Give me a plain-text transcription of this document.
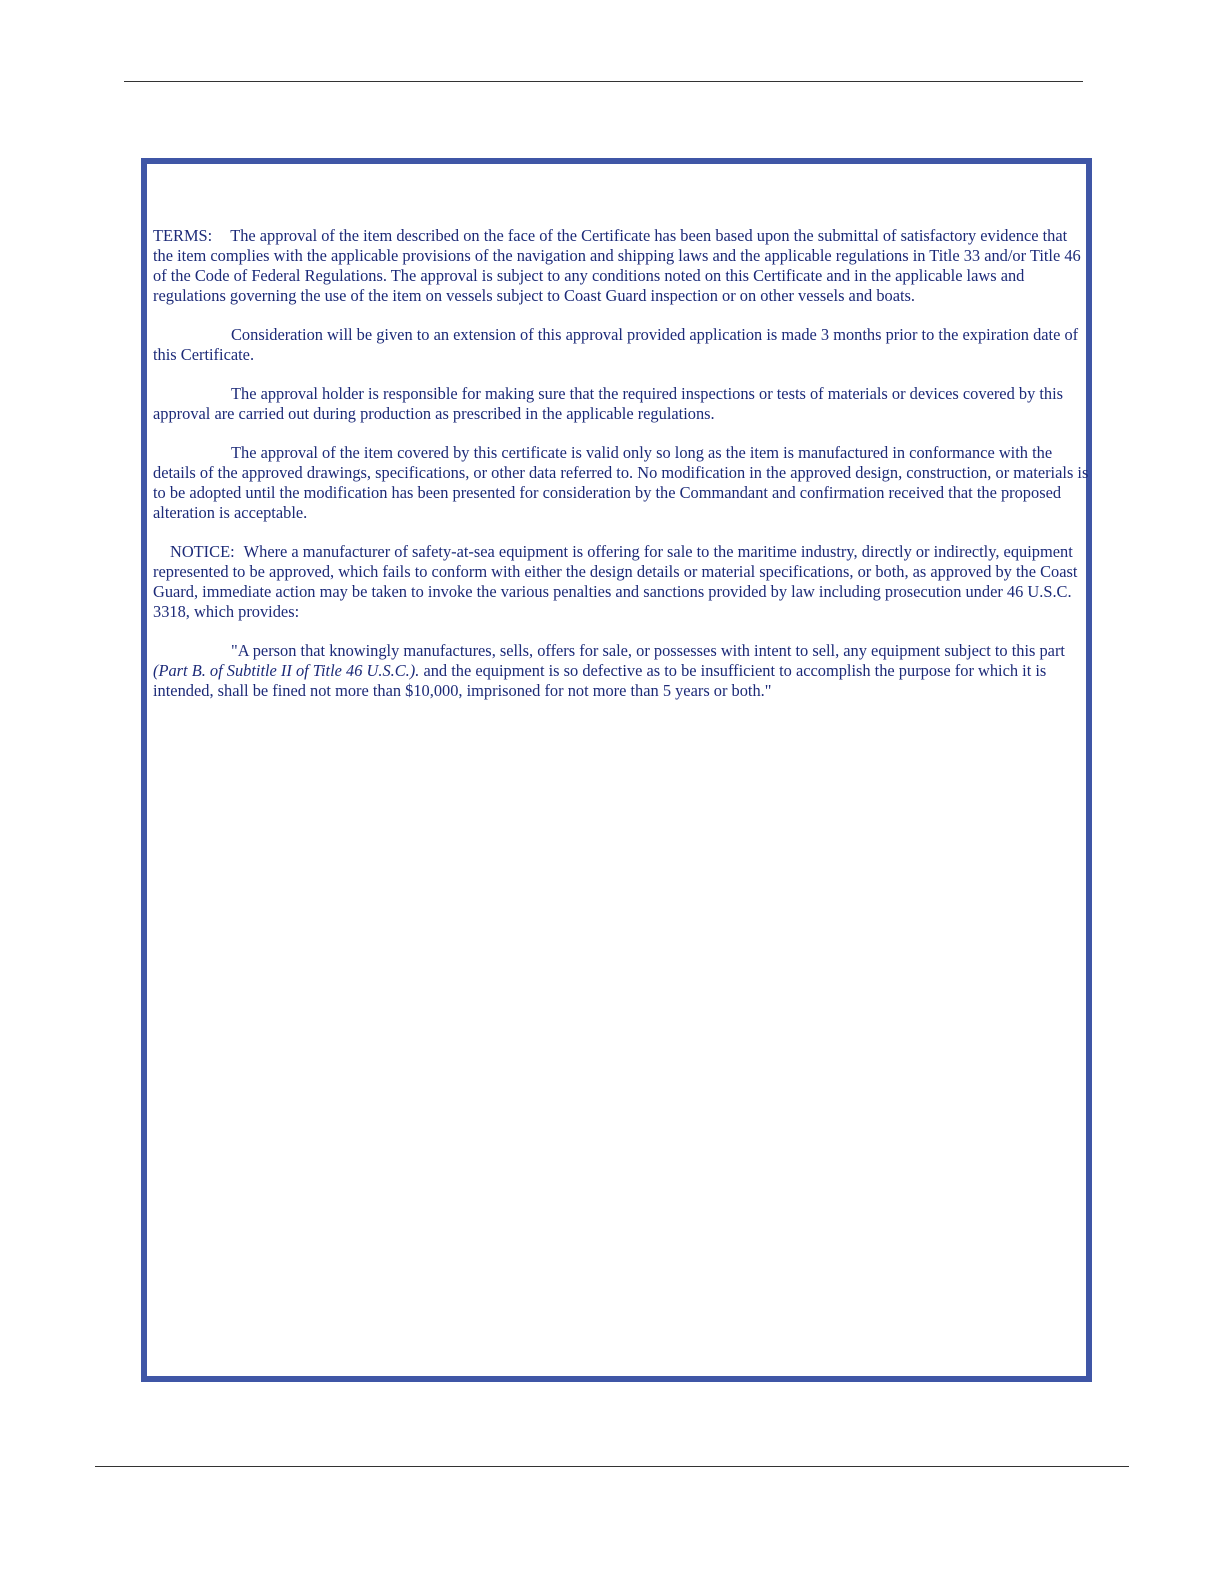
TERMS: The approval of the item described on the face of the Certificate has been based upon the submittal of satisfactory evidence that the item complies with the applicable provisions of the navigation and shipping laws and the applicable regulations in Title 33 and/or Title 46 of the Code of Federal Regulations. The approval is subject to any conditions noted on this Certificate and in the applicable laws and regulations governing the use of the item on vessels subject to Coast Guard inspection or on other vessels and boats.

Consideration will be given to an extension of this approval provided application is made 3 months prior to the expiration date of this Certificate.

The approval holder is responsible for making sure that the required inspections or tests of materials or devices covered by this approval are carried out during production as prescribed in the applicable regulations.

The approval of the item covered by this certificate is valid only so long as the item is manufactured in conformance with the details of the approved drawings, specifications, or other data referred to. No modification in the approved design, construction, or materials is to be adopted until the modification has been presented for consideration by the Commandant and confirmation received that the proposed alteration is acceptable.

NOTICE: Where a manufacturer of safety-at-sea equipment is offering for sale to the maritime industry, directly or indirectly, equipment represented to be approved, which fails to conform with either the design details or material specifications, or both, as approved by the Coast Guard, immediate action may be taken to invoke the various penalties and sanctions provided by law including prosecution under 46 U.S.C. 3318, which provides:

"A person that knowingly manufactures, sells, offers for sale, or possesses with intent to sell, any equipment subject to this part (Part B. of Subtitle II of Title 46 U.S.C.). and the equipment is so defective as to be insufficient to accomplish the purpose for which it is intended, shall be fined not more than $10,000, imprisoned for not more than 5 years or both."
